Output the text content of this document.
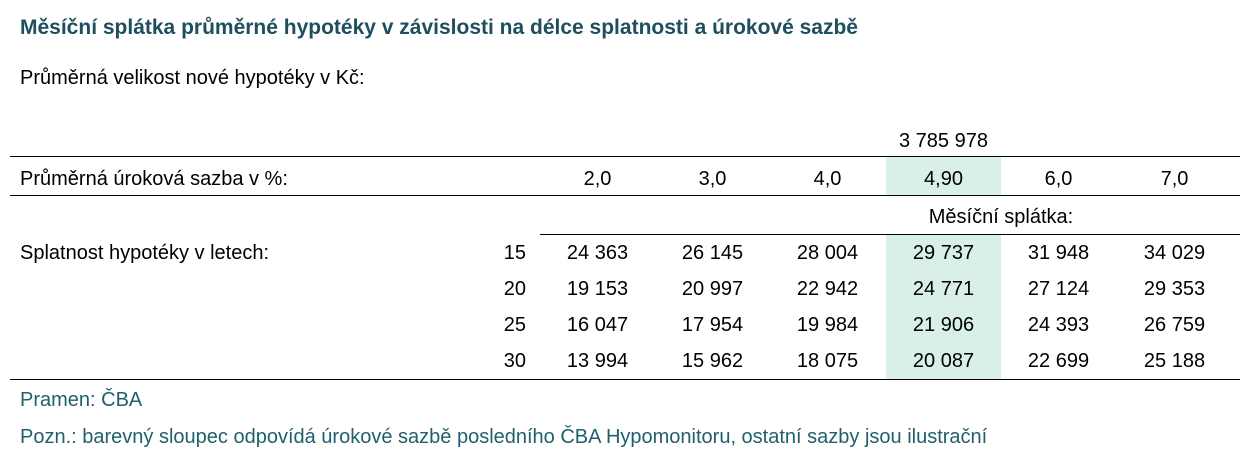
Měsíční splátka průměrné hypotéky v závislosti na délce splatnosti a úrokové sazbě
Průměrná velikost nové hypotéky v Kč:
3 785 978
Průměrná úroková sazba v %:	2,0	3,0	4,0	4,90	6,0	7,0
Měsíční splátka:
Splatnost hypotéky v letech:	15	24 363	26 145	28 004	29 737	31 948	34 029
20	19 153	20 997	22 942	24 771	27 124	29 353
25	16 047	17 954	19 984	21 906	24 393	26 759
30	13 994	15 962	18 075	20 087	22 699	25 188
Pramen: ČBA
Pozn.: barevný sloupec odpovídá úrokové sazbě posledního ČBA Hypomonitoru, ostatní sazby jsou ilustrační
